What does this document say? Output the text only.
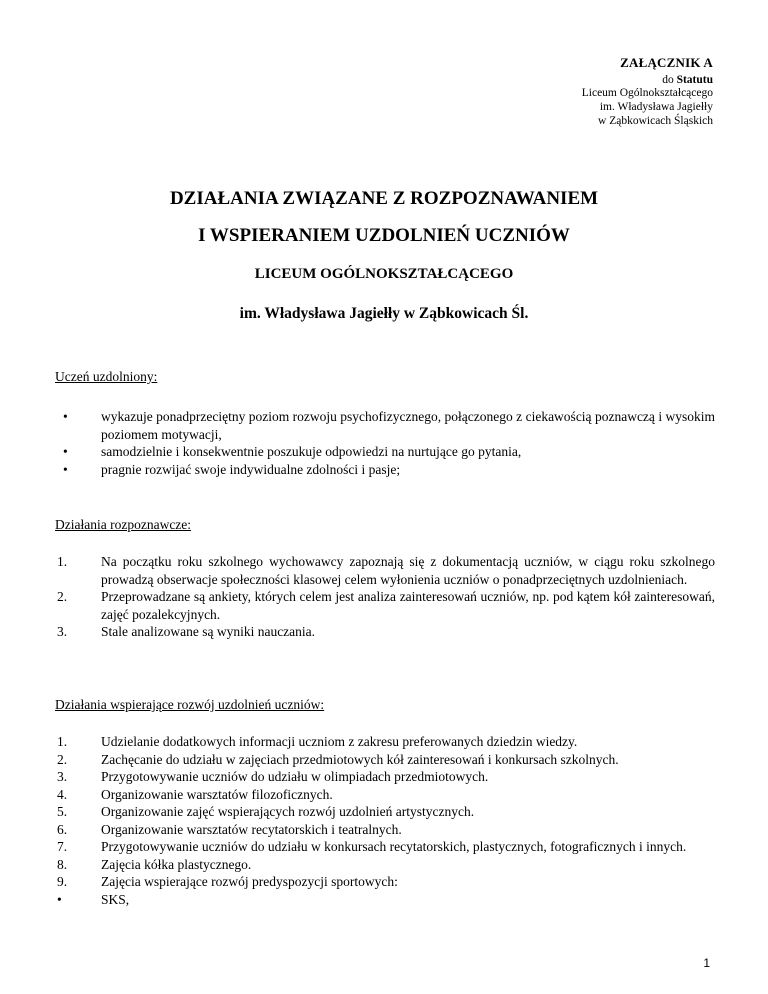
ZAŁĄCZNIK A
do Statutu
Liceum Ogólnokształcącego
im. Władysława Jagiełły
w Ząbkowicach Śląskich
DZIAŁANIA ZWIĄZANE Z ROZPOZNAWANIEM
I WSPIERANIEM UZDOLNIEŃ UCZNIÓW
LICEUM OGÓLNOKSZTAŁCĄCEGO
im. Władysława Jagiełły w Ząbkowicach Śl.
Uczeń uzdolniony:
•	wykazuje ponadprzeciętny poziom rozwoju psychofizycznego, połączonego z ciekawością poznawczą i wysokim poziomem motywacji,
•	samodzielnie i konsekwentnie poszukuje odpowiedzi na nurtujące go pytania,
•	pragnie rozwijać swoje indywidualne zdolności i pasje;
Działania rozpoznawcze:
1.	Na początku roku szkolnego wychowawcy zapoznają się z dokumentacją uczniów, w ciągu roku szkolnego prowadzą obserwacje społeczności klasowej celem wyłonienia uczniów o ponadprzeciętnych uzdolnieniach.
2.	Przeprowadzane są ankiety, których celem jest analiza zainteresowań uczniów, np. pod kątem kół zainteresowań, zajęć pozalekcyjnych.
3.	Stale analizowane są wyniki nauczania.
Działania wspierające rozwój uzdolnień uczniów:
1.	Udzielanie dodatkowych informacji uczniom z zakresu preferowanych dziedzin wiedzy.
2.	Zachęcanie do udziału w zajęciach przedmiotowych kół zainteresowań i konkursach szkolnych.
3.	Przygotowywanie uczniów do udziału w olimpiadach przedmiotowych.
4.	Organizowanie warsztatów filozoficznych.
5.	Organizowanie zajęć wspierających rozwój uzdolnień artystycznych.
6.	Organizowanie warsztatów recytatorskich i teatralnych.
7.	Przygotowywanie uczniów do udziału w konkursach recytatorskich, plastycznych, fotograficznych i innych.
8.	Zajęcia kółka plastycznego.
9.	Zajęcia wspierające rozwój predyspozycji sportowych:
•	SKS,
1
